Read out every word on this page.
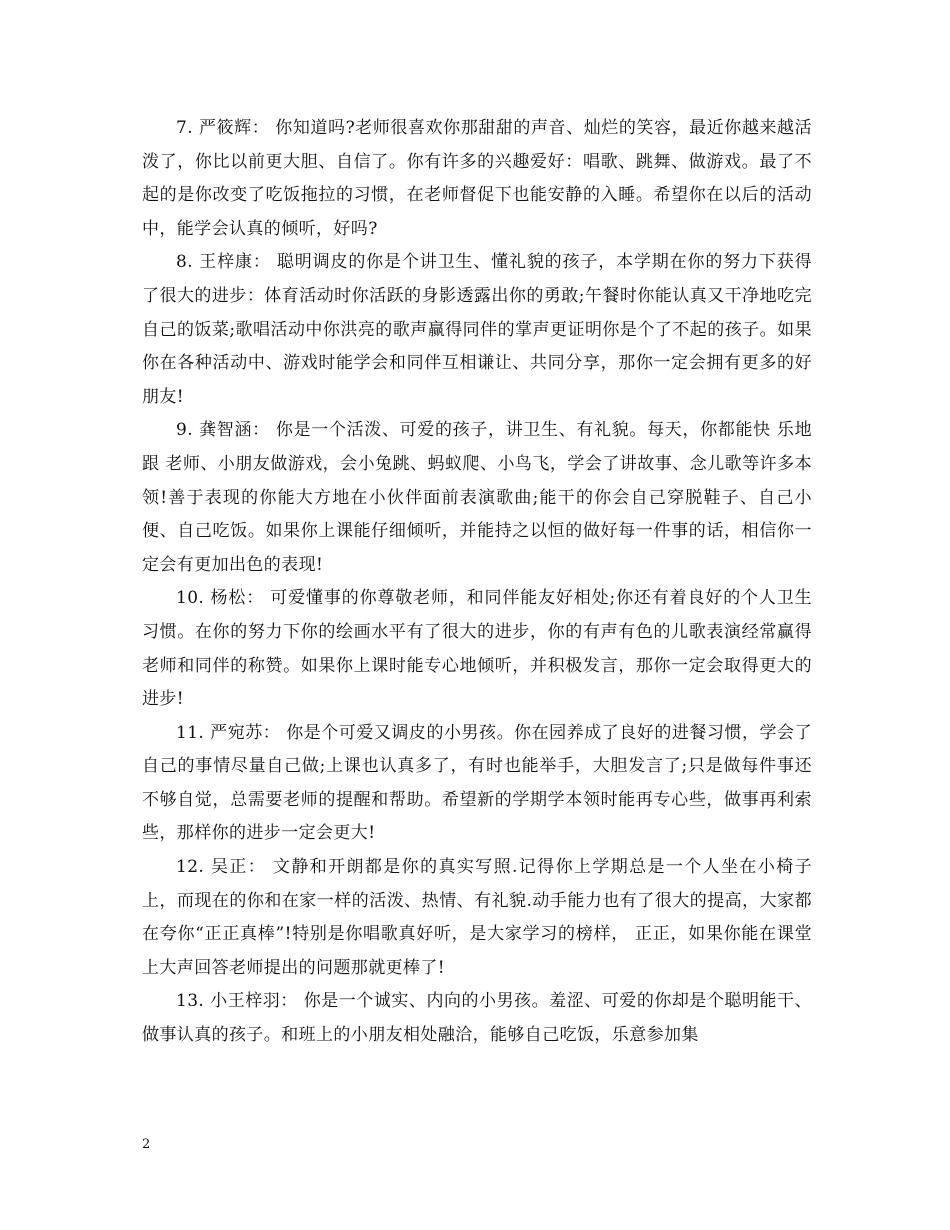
7. 严筱辉： 你知道吗?老师很喜欢你那甜甜的声音、灿烂的笑容，最近你越来越活泼了，你比以前更大胆、自信了。你有许多的兴趣爱好：唱歌、跳舞、做游戏。最了不起的是你改变了吃饭拖拉的习惯，在老师督促下也能安静的入睡。希望你在以后的活动中，能学会认真的倾听，好吗?

8. 王梓康： 聪明调皮的你是个讲卫生、懂礼貌的孩子，本学期在你的努力下获得了很大的进步：体育活动时你活跃的身影透露出你的勇敢;午餐时你能认真又干净地吃完自己的饭菜;歌唱活动中你洪亮的歌声赢得同伴的掌声更证明你是个了不起的孩子。如果你在各种活动中、游戏时能学会和同伴互相谦让、共同分享，那你一定会拥有更多的好朋友!

9. 龚智涵： 你是一个活泼、可爱的孩子，讲卫生、有礼貌。每天，你都能快 乐地跟 老师、小朋友做游戏，会小兔跳、蚂蚁爬、小鸟飞，学会了讲故事、念儿歌等许多本领!善于表现的你能大方地在小伙伴面前表演歌曲;能干的你会自己穿脱鞋子、自己小便、自己吃饭。如果你上课能仔细倾听，并能持之以恒的做好每一件事的话，相信你一定会有更加出色的表现!

10. 杨松： 可爱懂事的你尊敬老师，和同伴能友好相处;你还有着良好的个人卫生习惯。在你的努力下你的绘画水平有了很大的进步，你的有声有色的儿歌表演经常赢得 老师和同伴的称赞。如果你上课时能专心地倾听，并积极发言，那你一定会取得更大的进步!

11. 严宛苏： 你是个可爱又调皮的小男孩。你在园养成了良好的进餐习惯，学会了自己的事情尽量自己做;上课也认真多了，有时也能举手，大胆发言了;只是做每件事还不够自觉，总需要老师的提醒和帮助。希望新的学期学本领时能再专心些，做事再利索些，那样你的进步一定会更大!

12. 吴正： 文静和开朗都是你的真实写照.记得你上学期总是一个人坐在小椅子上，而现在的你和在家一样的活泼、热情、有礼貌.动手能力也有了很大的提高，大家都在夸你“正正真棒”!特别是你唱歌真好听，是大家学习的榜样， 正正，如果你能在课堂上大声回答老师提出的问题那就更棒了!

13. 小王梓羽： 你是一个诚实、内向的小男孩。羞涩、可爱的你却是个聪明能干、做事认真的孩子。和班上的小朋友相处融洽，能够自己吃饭，乐意参加集

2
